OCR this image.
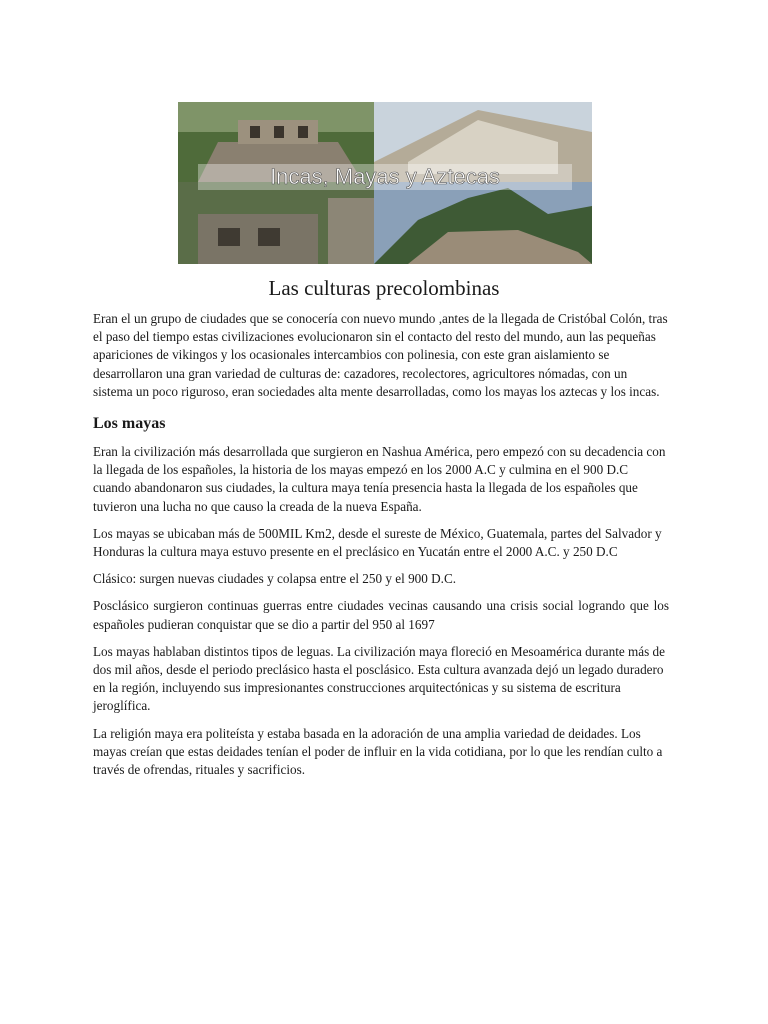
Incas, Mayas y Aztecas
Las culturas precolombinas

Eran el un grupo de ciudades que se conocería con nuevo mundo ,antes de la llegada de Cristóbal Colón, tras el paso del tiempo estas civilizaciones evolucionaron sin el contacto del resto del mundo, aun las pequeñas apariciones de vikingos y los ocasionales intercambios con polinesia, con este gran aislamiento se desarrollaron una gran variedad de culturas de: cazadores, recolectores, agricultores nómadas, con un sistema un poco riguroso, eran sociedades alta mente desarrolladas, como los mayas los aztecas y los incas.

Los mayas

Eran la civilización más desarrollada que surgieron en Nashua América, pero empezó con su decadencia con la llegada de los españoles, la historia de los mayas empezó en los 2000 A.C y culmina en el 900 D.C cuando abandonaron sus ciudades, la cultura maya tenía presencia hasta la llegada de los españoles que tuvieron una lucha no que causo la creada de la nueva España.

Los mayas se ubicaban más de 500MIL Km2, desde el sureste de México, Guatemala, partes del Salvador y Honduras la cultura maya estuvo presente en el preclásico en Yucatán entre el 2000 A.C. y 250 D.C

Clásico: surgen nuevas ciudades y colapsa entre el 250 y el 900 D.C.

Posclásico surgieron continuas guerras entre ciudades vecinas causando una crisis social logrando que los españoles pudieran conquistar que se dio a partir del 950 al 1697

Los mayas hablaban distintos tipos de leguas. La civilización maya floreció en Mesoamérica durante más de dos mil años, desde el periodo preclásico hasta el posclásico. Esta cultura avanzada dejó un legado duradero en la región, incluyendo sus impresionantes construcciones arquitectónicas y su sistema de escritura jeroglífica.

La religión maya era politeísta y estaba basada en la adoración de una amplia variedad de deidades. Los mayas creían que estas deidades tenían el poder de influir en la vida cotidiana, por lo que les rendían culto a través de ofrendas, rituales y sacrificios.
